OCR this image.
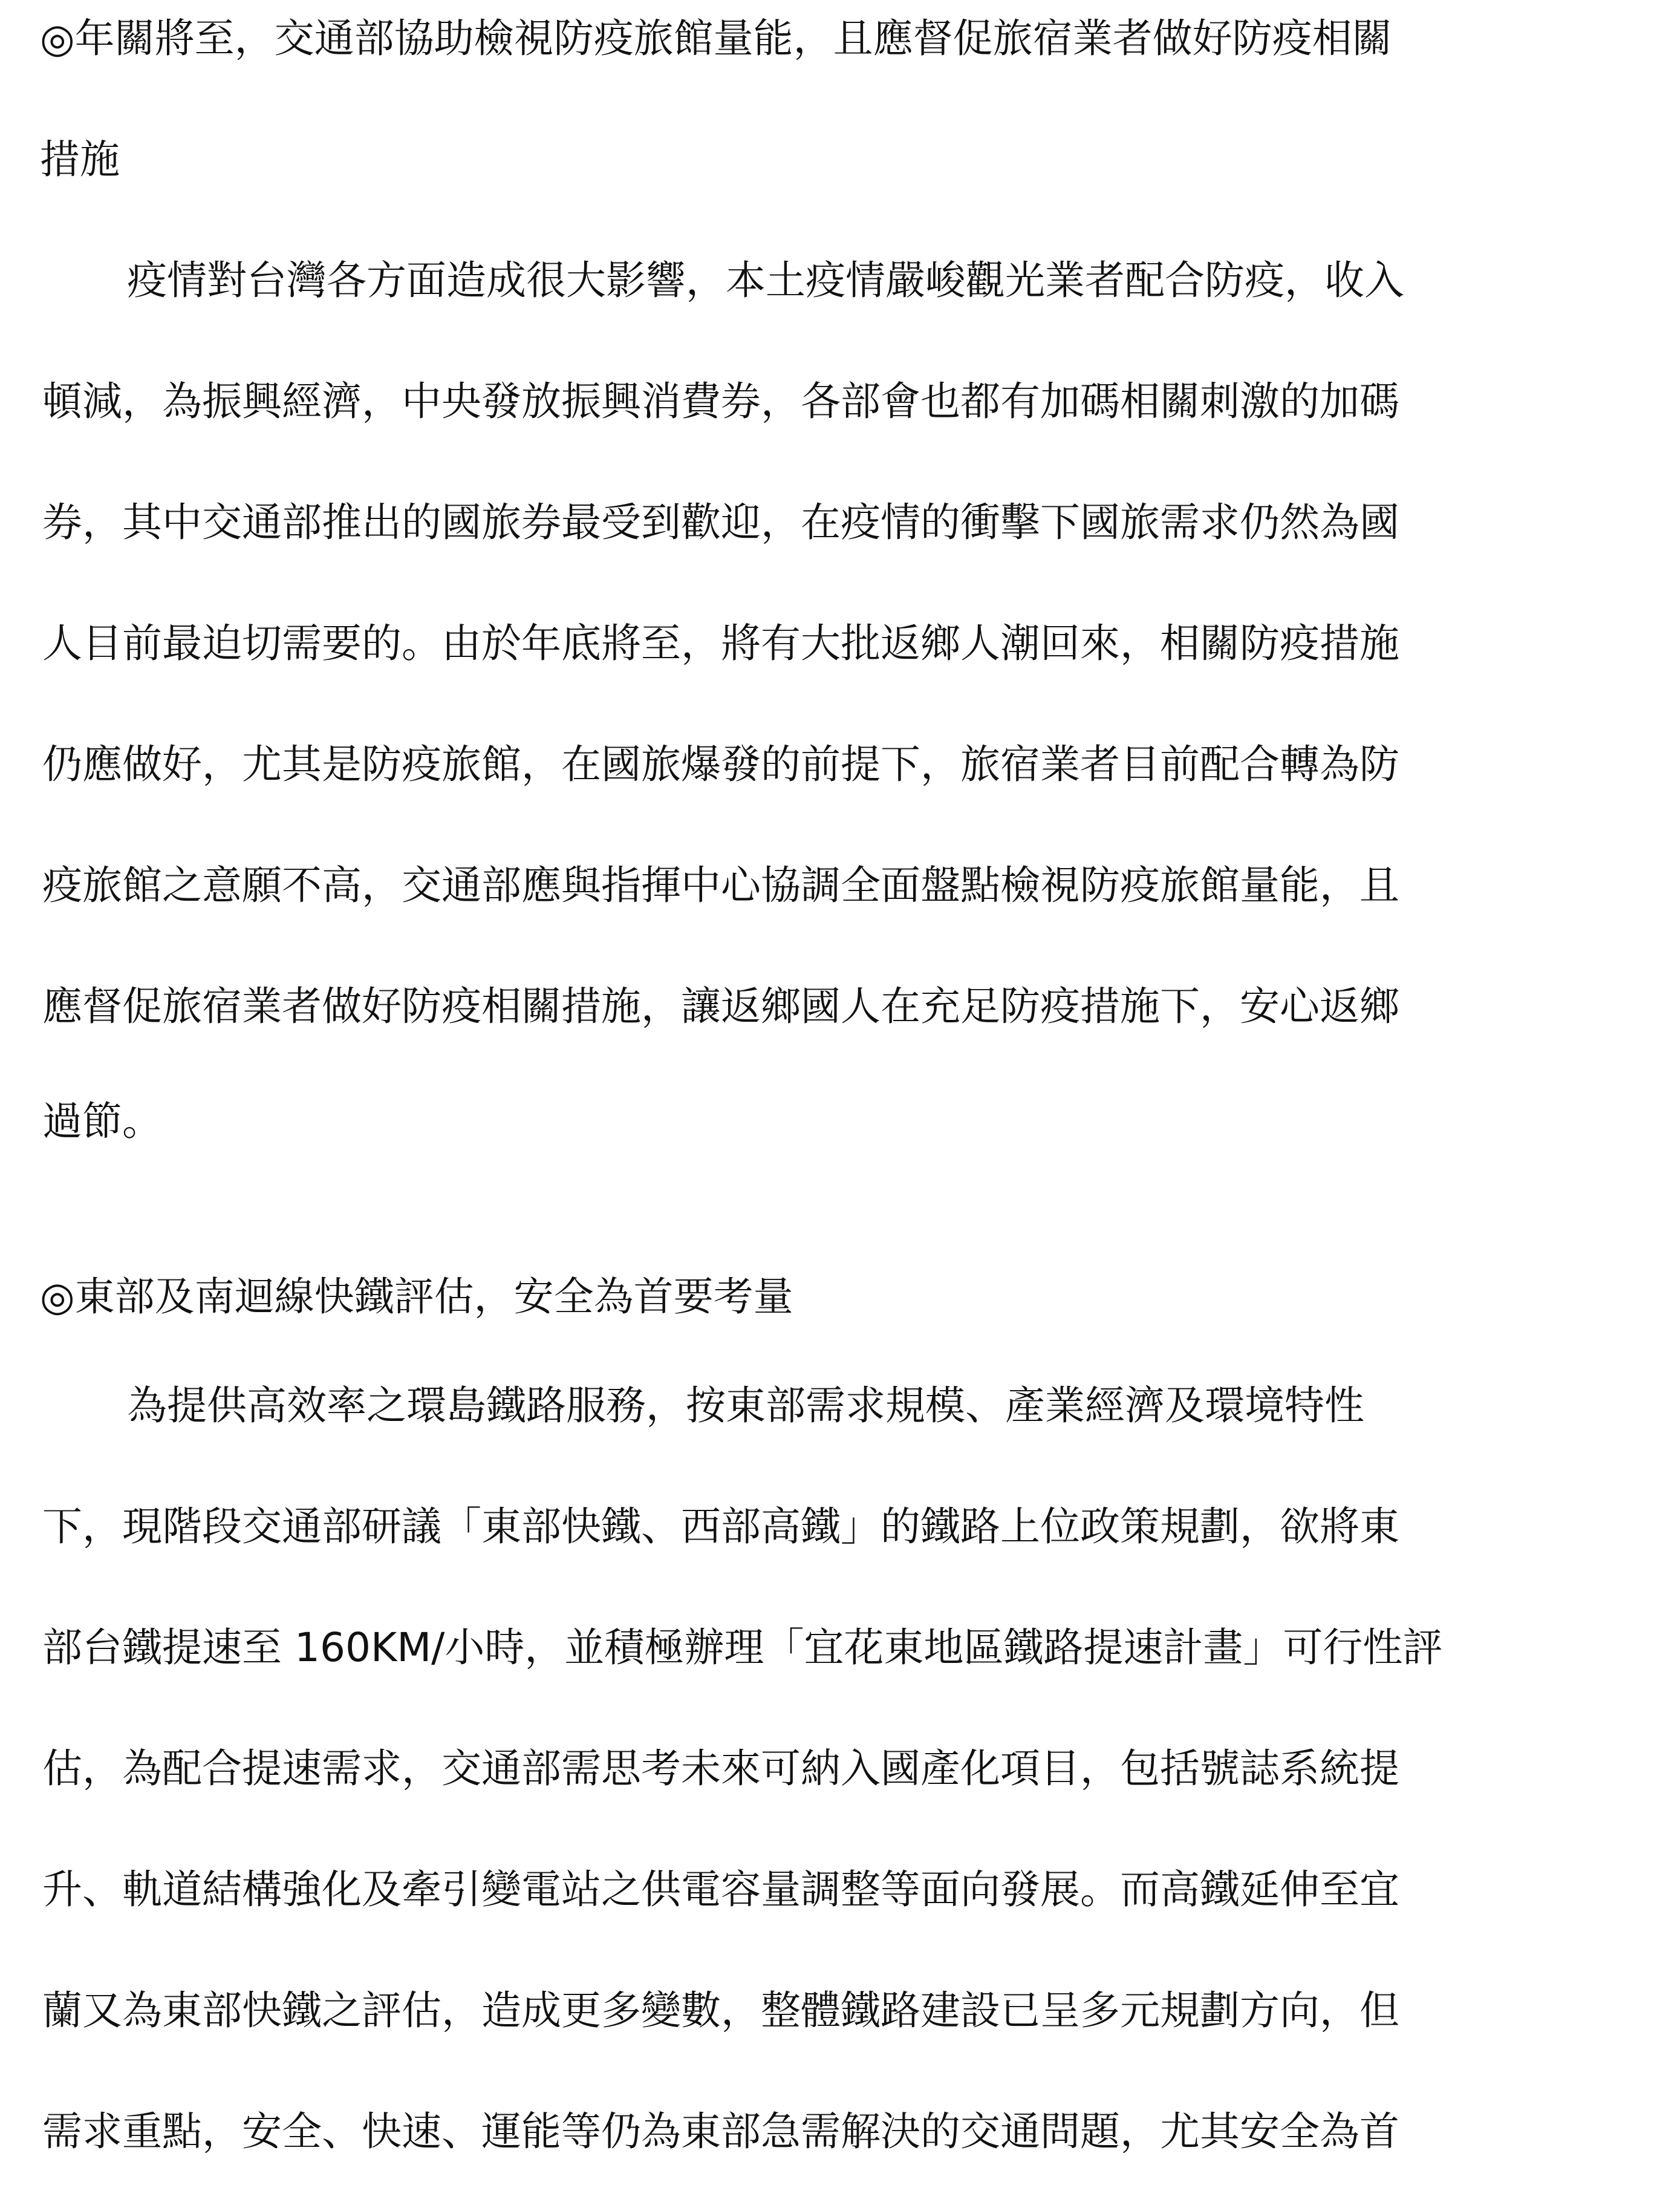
◎年關將至，交通部協助檢視防疫旅館量能，且應督促旅宿業者做好防疫相關
措施
疫情對台灣各方面造成很大影響，本土疫情嚴峻觀光業者配合防疫，收入
頓減，為振興經濟，中央發放振興消費券，各部會也都有加碼相關刺激的加碼
券，其中交通部推出的國旅券最受到歡迎，在疫情的衝擊下國旅需求仍然為國
人目前最迫切需要的。由於年底將至，將有大批返鄉人潮回來，相關防疫措施
仍應做好，尤其是防疫旅館，在國旅爆發的前提下，旅宿業者目前配合轉為防
疫旅館之意願不高，交通部應與指揮中心協調全面盤點檢視防疫旅館量能，且
應督促旅宿業者做好防疫相關措施，讓返鄉國人在充足防疫措施下，安心返鄉
過節。
◎東部及南迴線快鐵評估，安全為首要考量
為提供高效率之環島鐵路服務，按東部需求規模、產業經濟及環境特性
下，現階段交通部研議「東部快鐵、西部高鐵」的鐵路上位政策規劃，欲將東
部台鐵提速至 160KM/小時，並積極辦理「宜花東地區鐵路提速計畫」可行性評
估，為配合提速需求，交通部需思考未來可納入國產化項目，包括號誌系統提
升、軌道結構強化及牽引變電站之供電容量調整等面向發展。而高鐵延伸至宜
蘭又為東部快鐵之評估，造成更多變數，整體鐵路建設已呈多元規劃方向，但
需求重點，安全、快速、運能等仍為東部急需解決的交通問題，尤其安全為首
